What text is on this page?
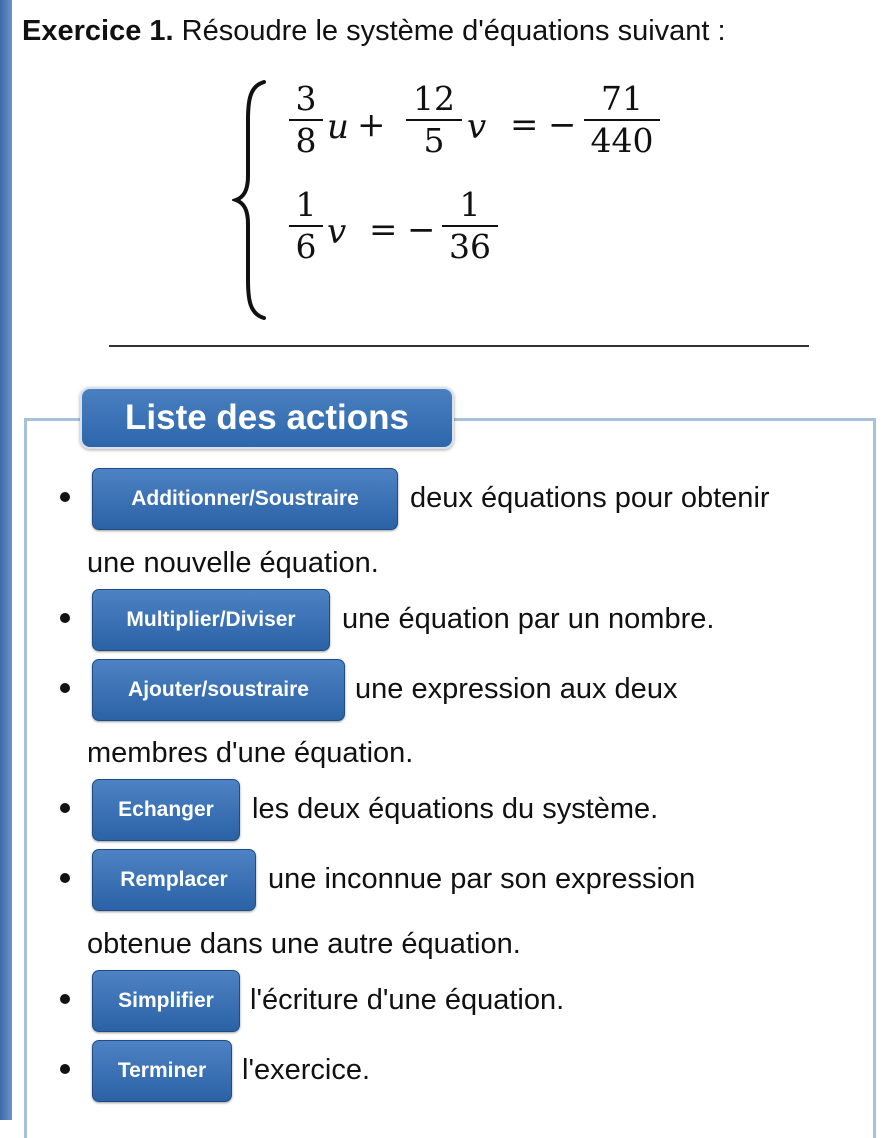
Exercice 1. Résoudre le système d'équations suivant :
3
8 u +
12
5 v = −
71
440
1
6 v = −
1
36
Liste des actions
Additionner/Soustraire	deux équations pour obtenir
une nouvelle équation.
Multiplier/Diviser	une équation par un nombre.
Ajouter/soustraire	une expression aux deux
membres d'une équation.
Echanger	les deux équations du système.
Remplacer	une inconnue par son expression
obtenue dans une autre équation.
Simplifier	l'écriture d'une équation.
Terminer	l'exercice.
